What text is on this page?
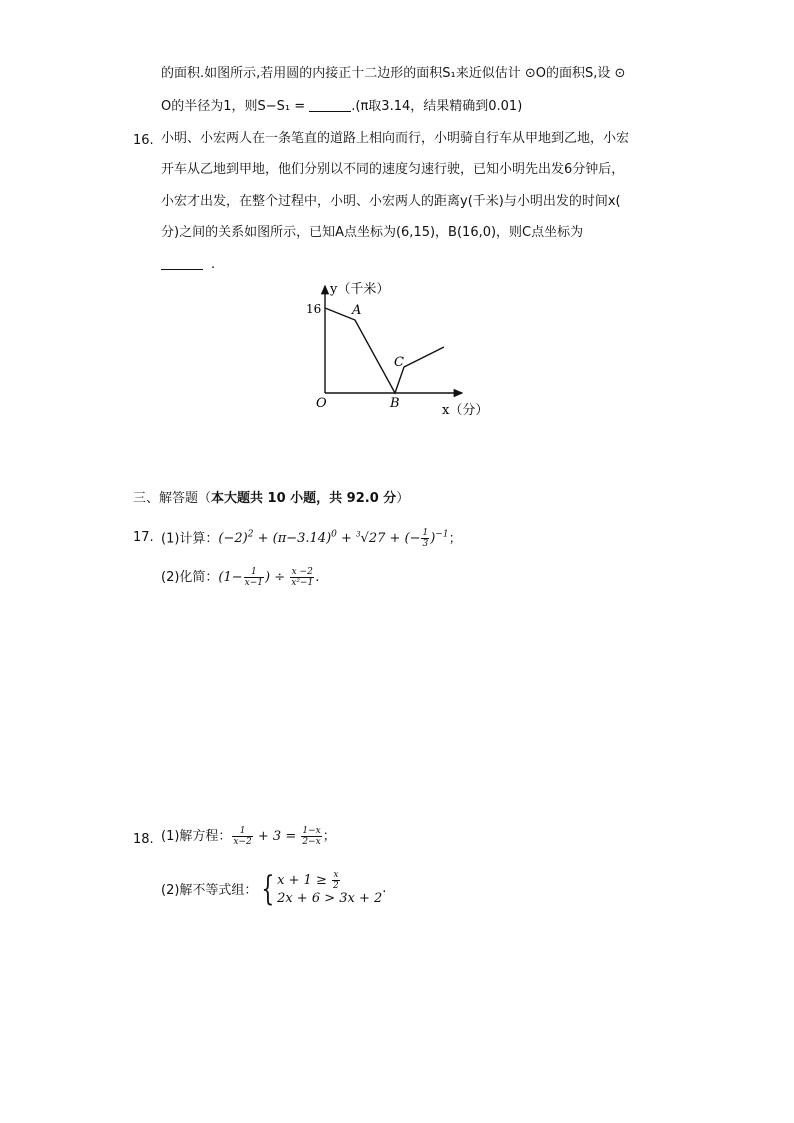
的面积.如图所示,若用圆的内接正十二边形的面积S₁来近似估计 ⊙O的面积S,设 ⊙
O的半径为1，则S−S₁ =	.(π取3.14，结果精确到0.01)
16. 小明、小宏两人在一条笔直的道路上相向而行，小明骑自行车从甲地到乙地，小宏
开车从乙地到甲地，他们分别以不同的速度匀速行驶，已知小明先出发6分钟后，
小宏才出发，在整个过程中，小明、小宏两人的距离y(千米)与小明出发的时间x(
分)之间的关系如图所示，已知A点坐标为(6,15)，B(16,0)，则C点坐标为
.
y（千米）
16 A
C
O	B	x（分）
三、解答题（本大题共 10 小题，共 92.0 分）
17. (1)计算：$(-2)^2 + (\pi-3.14)^0 + ^3√27$ + (− $\frac{1}{3} )^{-1}$；
(2)化简：($1- \frac{1}{x-1}$ ) ÷ $\frac{x -2}{\text{x²−1}}$ .
18. (1)解方程： $\frac{1}{x-2} + 3 = \frac{1-x}{2-x}$ ；
(2)解不等式组： { $x + 1 \ge \frac{x}{2}$
2x + 6 > 3x + 2
.
